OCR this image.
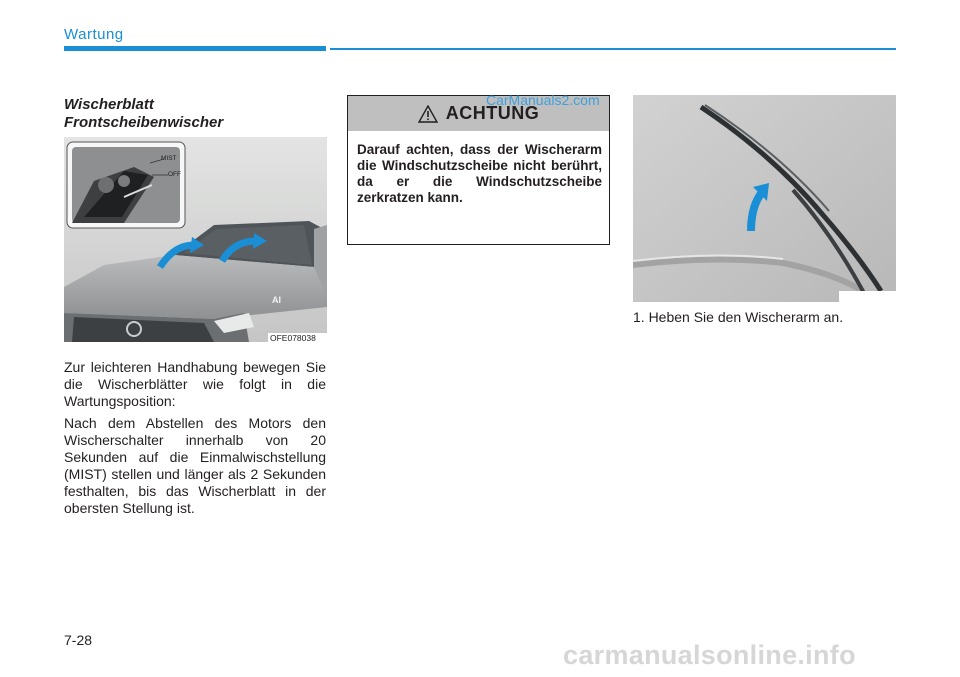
Wartung
Wischerblatt
Frontscheibenwischer
AI
MIST
OFF
OFE078038
Zur leichteren Handhabung bewegen Sie die Wischerblätter wie folgt in die Wartungsposition:
Nach dem Abstellen des Motors den Wischerschalter innerhalb von 20 Sekunden auf die Einmalwischstellung (MIST) stellen und länger als 2 Sekunden festhalten, bis das Wischerblatt in der obersten Stellung ist.
ACHTUNG
Darauf achten, dass der Wischerarm die Windschutzscheibe nicht berührt, da er die Windschutzscheibe zerkratzen kann.
CarManuals2.com
1. Heben Sie den Wischerarm an.
7-28	carmanualsonline.info
